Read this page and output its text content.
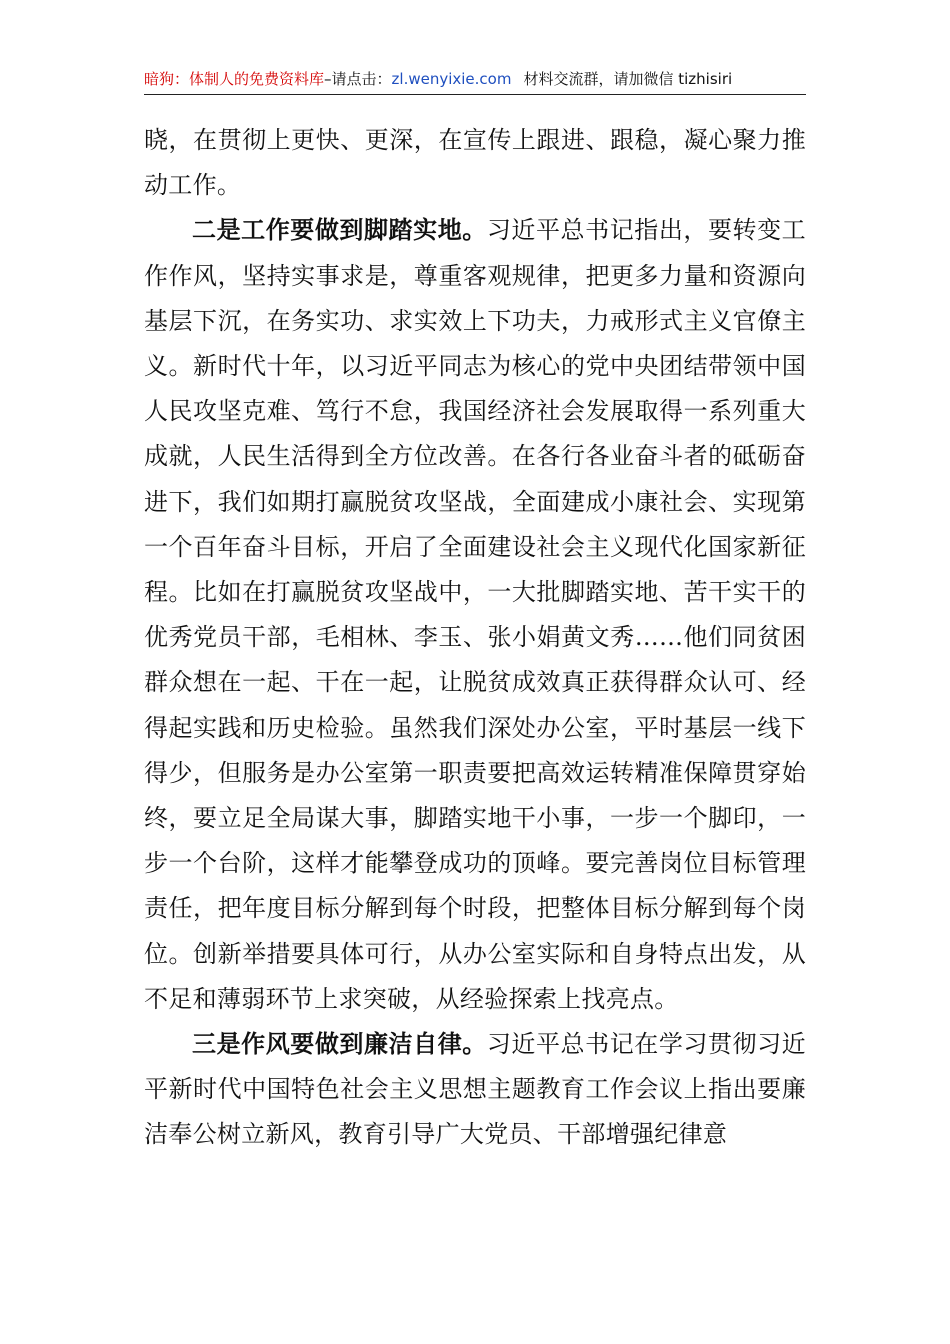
暗狗：体制人的免费资料库–请点击：zl.wenyixie.com 材料交流群，请加微信 tizhisiri

晓，在贯彻上更快、更深，在宣传上跟进、跟稳，凝心聚力推动工作。

二是工作要做到脚踏实地。习近平总书记指出，要转变工作作风，坚持实事求是，尊重客观规律，把更多力量和资源向基层下沉，在务实功、求实效上下功夫，力戒形式主义官僚主义。新时代十年，以习近平同志为核心的党中央团结带领中国人民攻坚克难、笃行不怠，我国经济社会发展取得一系列重大成就，人民生活得到全方位改善。在各行各业奋斗者的砥砺奋进下，我们如期打赢脱贫攻坚战，全面建成小康社会、实现第一个百年奋斗目标，开启了全面建设社会主义现代化国家新征程。比如在打赢脱贫攻坚战中，一大批脚踏实地、苦干实干的优秀党员干部，毛相林、李玉、张小娟黄文秀……他们同贫困群众想在一起、干在一起，让脱贫成效真正获得群众认可、经得起实践和历史检验。虽然我们深处办公室，平时基层一线下得少，但服务是办公室第一职责要把高效运转精准保障贯穿始终，要立足全局谋大事，脚踏实地干小事，一步一个脚印，一步一个台阶，这样才能攀登成功的顶峰。要完善岗位目标管理责任，把年度目标分解到每个时段，把整体目标分解到每个岗位。创新举措要具体可行，从办公室实际和自身特点出发，从不足和薄弱环节上求突破，从经验探索上找亮点。

三是作风要做到廉洁自律。习近平总书记在学习贯彻习近平新时代中国特色社会主义思想主题教育工作会议上指出要廉洁奉公树立新风，教育引导广大党员、干部增强纪律意
